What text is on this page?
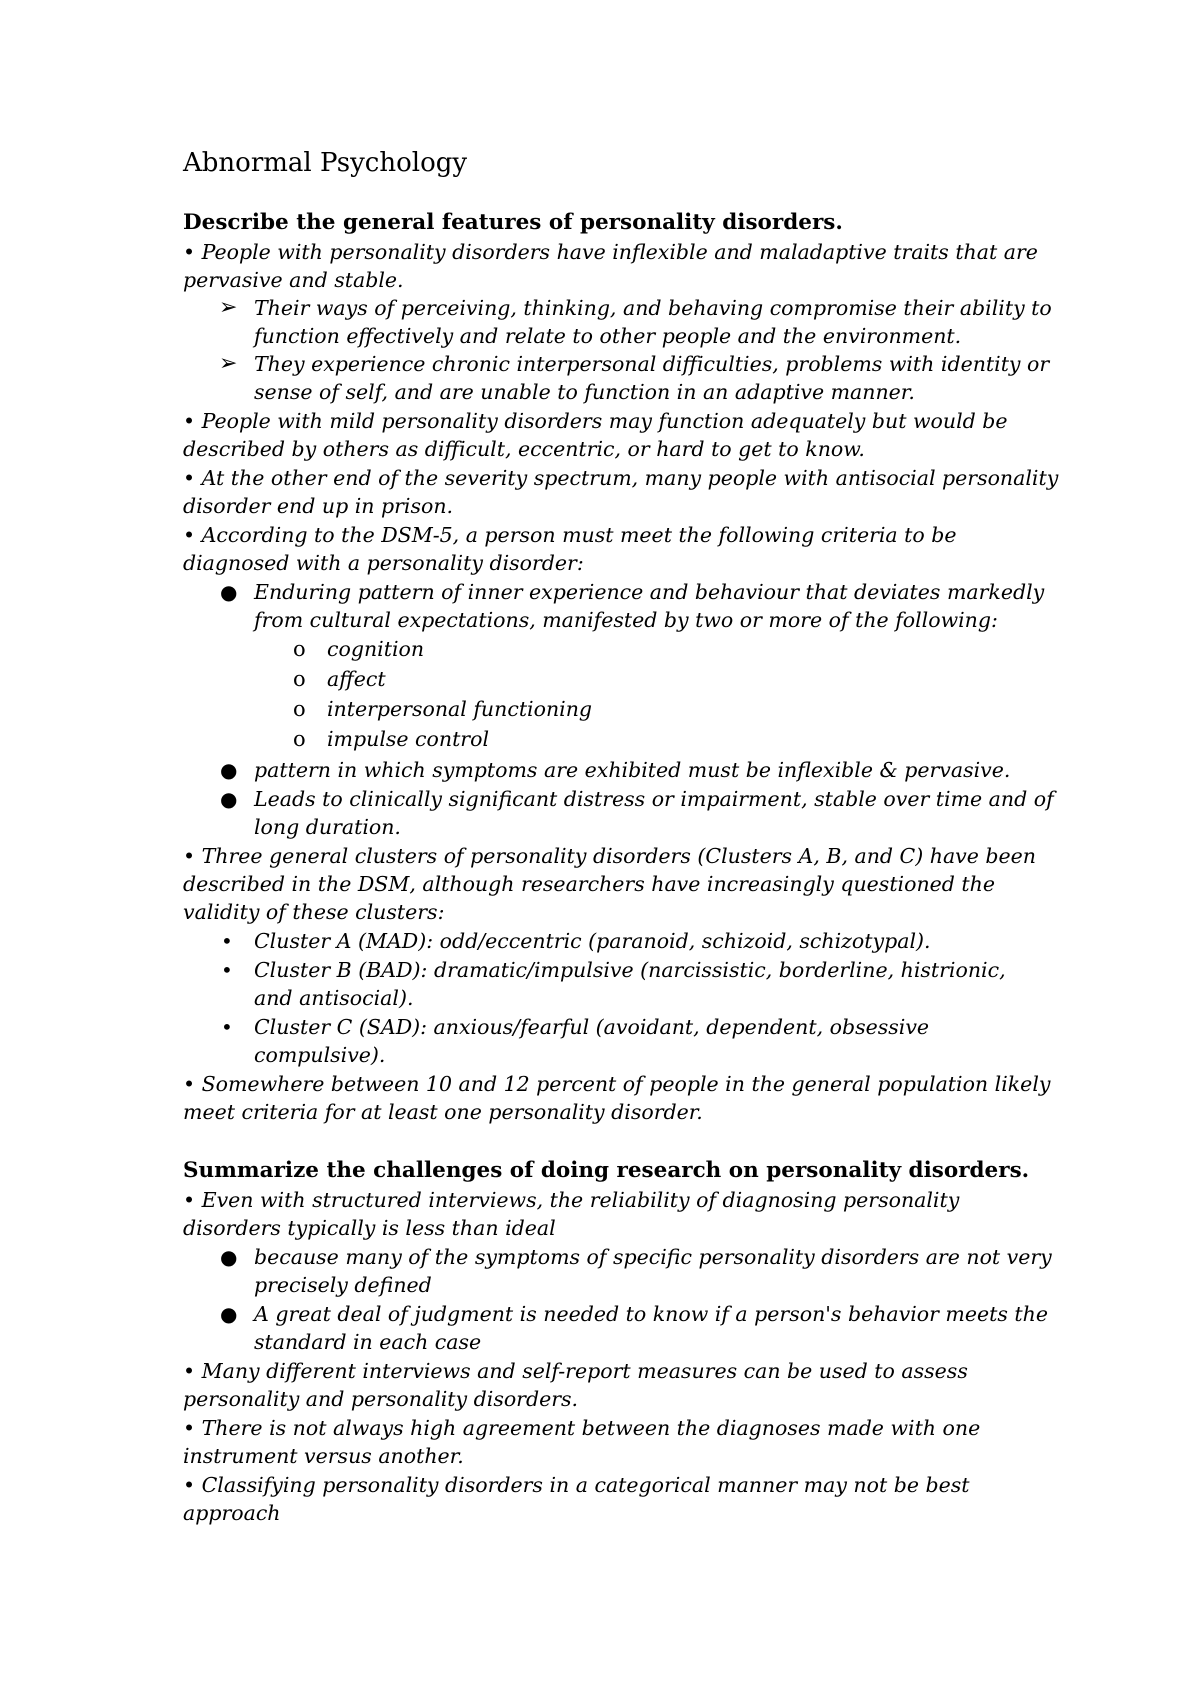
Abnormal Psychology
Describe the general features of personality disorders.
• People with personality disorders have inflexible and maladaptive traits that are
pervasive and stable.
➢ Their ways of perceiving, thinking, and behaving compromise their ability to
function effectively and relate to other people and the environment.
➢ They experience chronic interpersonal difficulties, problems with identity or
sense of self, and are unable to function in an adaptive manner.
• People with mild personality disorders may function adequately but would be
described by others as difficult, eccentric, or hard to get to know.
• At the other end of the severity spectrum, many people with antisocial personality
disorder end up in prison.
• According to the DSM-5, a person must meet the following criteria to be
diagnosed with a personality disorder:
● Enduring pattern of inner experience and behaviour that deviates markedly
from cultural expectations, manifested by two or more of the following:
o cognition
o affect
o interpersonal functioning
o impulse control
● pattern in which symptoms are exhibited must be inflexible & pervasive.
● Leads to clinically significant distress or impairment, stable over time and of
long duration.
• Three general clusters of personality disorders (Clusters A, B, and C) have been
described in the DSM, although researchers have increasingly questioned the
validity of these clusters:
• Cluster A (MAD): odd/eccentric (paranoid, schizoid, schizotypal).
• Cluster B (BAD): dramatic/impulsive (narcissistic, borderline, histrionic,
and antisocial).
• Cluster C (SAD): anxious/fearful (avoidant, dependent, obsessive
compulsive).
• Somewhere between 10 and 12 percent of people in the general population likely
meet criteria for at least one personality disorder.
Summarize the challenges of doing research on personality disorders.
• Even with structured interviews, the reliability of diagnosing personality
disorders typically is less than ideal
● because many of the symptoms of specific personality disorders are not very
precisely defined
● A great deal of judgment is needed to know if a person's behavior meets the
standard in each case
• Many different interviews and self-report measures can be used to assess
personality and personality disorders.
• There is not always high agreement between the diagnoses made with one
instrument versus another.
• Classifying personality disorders in a categorical manner may not be best
approach
